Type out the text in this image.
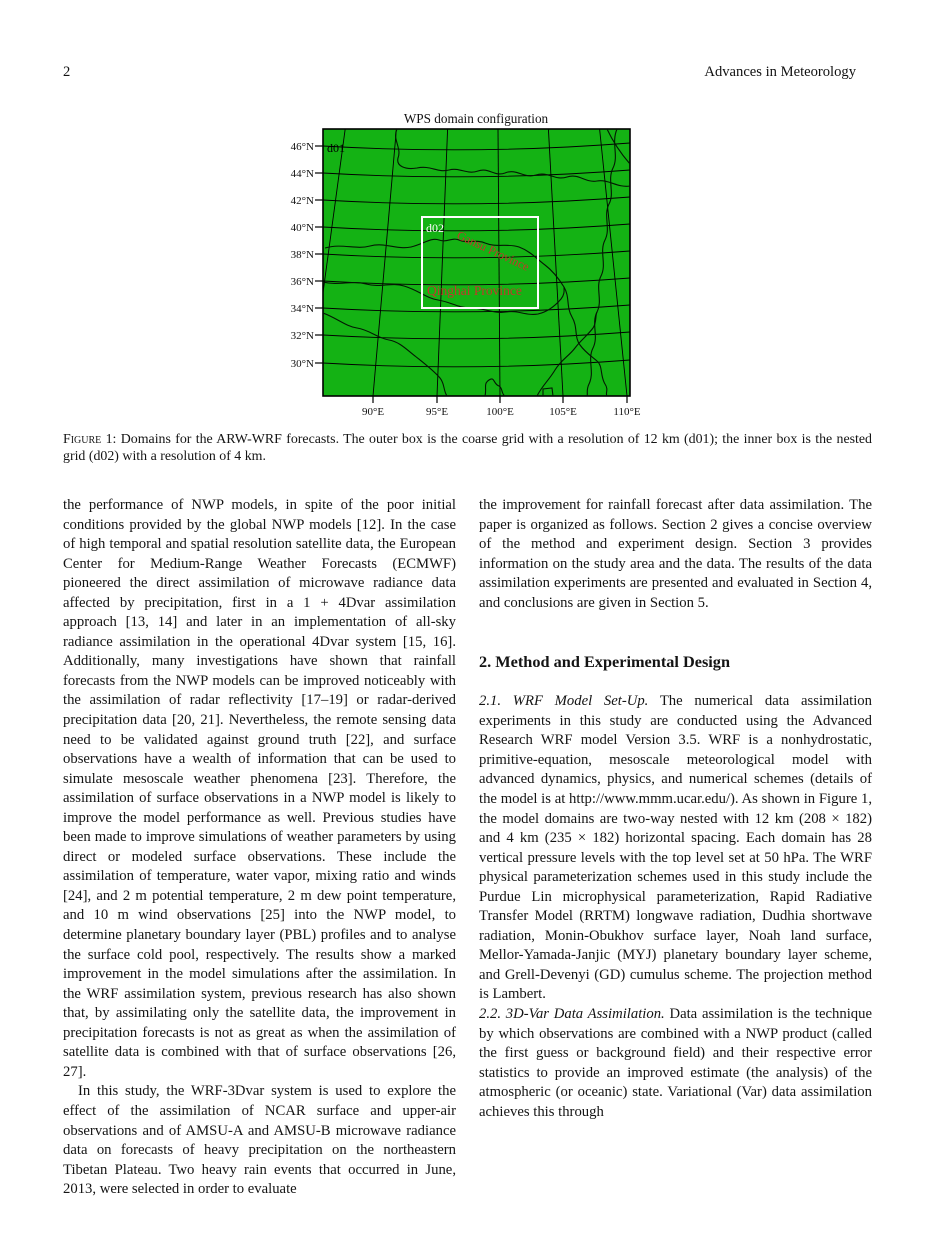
2	Advances in Meteorology
WPS domain configuration
46°N
44°N
42°N
40°N
38°N
36°N
34°N
32°N
30°N
90°E	95°E	100°E	105°E	110°E
d01
d02
Gansu Province
Qinghai Province
Figure 1: Domains for the ARW-WRF forecasts. The outer box is the coarse grid with a resolution of 12 km (d01); the inner box is the nested grid (d02) with a resolution of 4 km.

the performance of NWP models, in spite of the poor initial conditions provided by the global NWP models [12]. In the case of high temporal and spatial resolution satellite data, the European Center for Medium-Range Weather Forecasts (ECMWF) pioneered the direct assimilation of microwave radiance data affected by precipitation, first in a 1 + 4Dvar assimilation approach [13, 14] and later in an implementation of all-sky radiance assimilation in the operational 4Dvar system [15, 16]. Additionally, many investigations have shown that rainfall forecasts from the NWP models can be improved noticeably with the assimilation of radar reflectivity [17–19] or radar-derived precipitation data [20, 21]. Nevertheless, the remote sensing data need to be validated against ground truth [22], and surface observations have a wealth of information that can be used to simulate mesoscale weather phenomena [23]. Therefore, the assimilation of surface observations in a NWP model is likely to improve the model performance as well. Previous studies have been made to improve simulations of weather parameters by using direct or modeled surface observations. These include the assimilation of temperature, water vapor, mixing ratio and winds [24], and 2 m potential temperature, 2 m dew point temperature, and 10 m wind observations [25] into the NWP model, to determine planetary boundary layer (PBL) profiles and to analyse the surface cold pool, respectively. The results show a marked improvement in the model simulations after the assimilation. In the WRF assimilation system, previous research has also shown that, by assimilating only the satellite data, the improvement in precipitation forecasts is not as great as when the assimilation of satellite data is combined with that of surface observations [26, 27].

In this study, the WRF-3Dvar system is used to explore the effect of the assimilation of NCAR surface and upper-air observations and of AMSU-A and AMSU-B microwave radiance data on forecasts of heavy precipitation on the northeastern Tibetan Plateau. Two heavy rain events that occurred in June, 2013, were selected in order to evaluate

the improvement for rainfall forecast after data assimilation. The paper is organized as follows. Section 2 gives a concise overview of the method and experiment design. Section 3 provides information on the study area and the data. The results of the data assimilation experiments are presented and evaluated in Section 4, and conclusions are given in Section 5.

2. Method and Experimental Design

2.1. WRF Model Set-Up. The numerical data assimilation experiments in this study are conducted using the Advanced Research WRF model Version 3.5. WRF is a nonhydrostatic, primitive-equation, mesoscale meteorological model with advanced dynamics, physics, and numerical schemes (details of the model is at http://www.mmm.ucar.edu/). As shown in Figure 1, the model domains are two-way nested with 12 km (208 × 182) and 4 km (235 × 182) horizontal spacing. Each domain has 28 vertical pressure levels with the top level set at 50 hPa. The WRF physical parameterization schemes used in this study include the Purdue Lin microphysical parameterization, Rapid Radiative Transfer Model (RRTM) longwave radiation, Dudhia shortwave radiation, Monin-Obukhov surface layer, Noah land surface, Mellor-Yamada-Janjic (MYJ) planetary boundary layer scheme, and Grell-Devenyi (GD) cumulus scheme. The projection method is Lambert.

2.2. 3D-Var Data Assimilation. Data assimilation is the technique by which observations are combined with a NWP product (called the first guess or background field) and their respective error statistics to provide an improved estimate (the analysis) of the atmospheric (or oceanic) state. Variational (Var) data assimilation achieves this through
